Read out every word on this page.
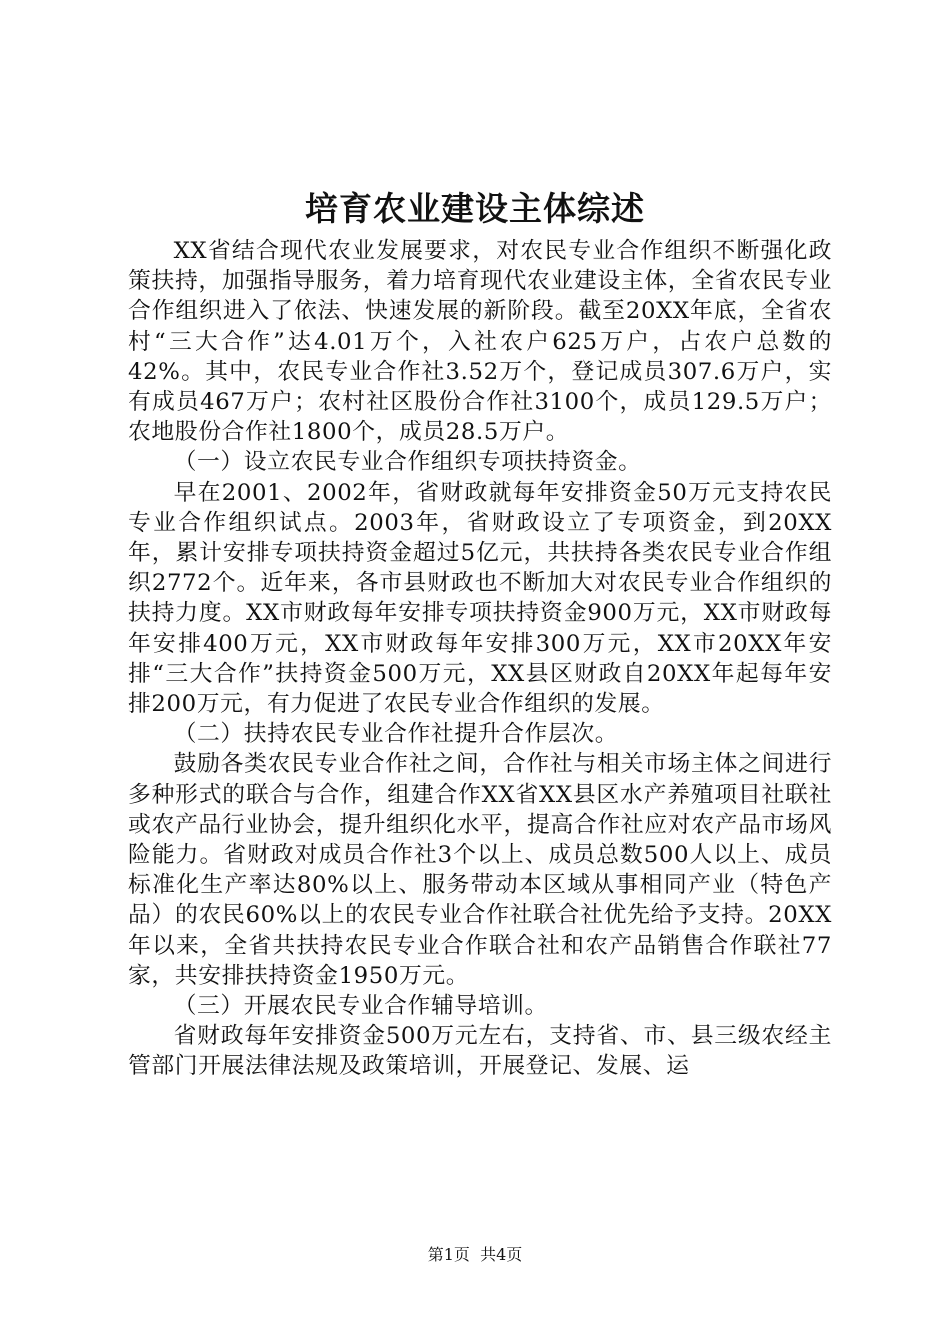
培育农业建设主体综述

XX省结合现代农业发展要求，对农民专业合作组织不断强化政策扶持，加强指导服务，着力培育现代农业建设主体，全省农民专业合作组织进入了依法、快速发展的新阶段。截至20XX年底，全省农村“三大合作”达4.01万个，入社农户625万户，占农户总数的42%。其中，农民专业合作社3.52万个，登记成员307.6万户，实有成员467万户；农村社区股份合作社3100个，成员129.5万户；农地股份合作社1800个，成员28.5万户。

（一）设立农民专业合作组织专项扶持资金。

早在2001、2002年，省财政就每年安排资金50万元支持农民专业合作组织试点。2003年，省财政设立了专项资金，到20XX年，累计安排专项扶持资金超过5亿元，共扶持各类农民专业合作组织2772个。近年来，各市县财政也不断加大对农民专业合作组织的扶持力度。XX市财政每年安排专项扶持资金900万元，XX市财政每年安排400万元，XX市财政每年安排300万元，XX市20XX年安排“三大合作”扶持资金500万元，XX县区财政自20XX年起每年安排200万元，有力促进了农民专业合作组织的发展。

（二）扶持农民专业合作社提升合作层次。

鼓励各类农民专业合作社之间，合作社与相关市场主体之间进行多种形式的联合与合作，组建合作XX省XX县区水产养殖项目社联社或农产品行业协会，提升组织化水平，提高合作社应对农产品市场风险能力。省财政对成员合作社3个以上、成员总数500人以上、成员标准化生产率达80%以上、服务带动本区域从事相同产业（特色产品）的农民60%以上的农民专业合作社联合社优先给予支持。20XX年以来，全省共扶持农民专业合作联合社和农产品销售合作联社77家，共安排扶持资金1950万元。

（三）开展农民专业合作辅导培训。

省财政每年安排资金500万元左右，支持省、市、县三级农经主管部门开展法律法规及政策培训，开展登记、发展、运

第1页 共4页
